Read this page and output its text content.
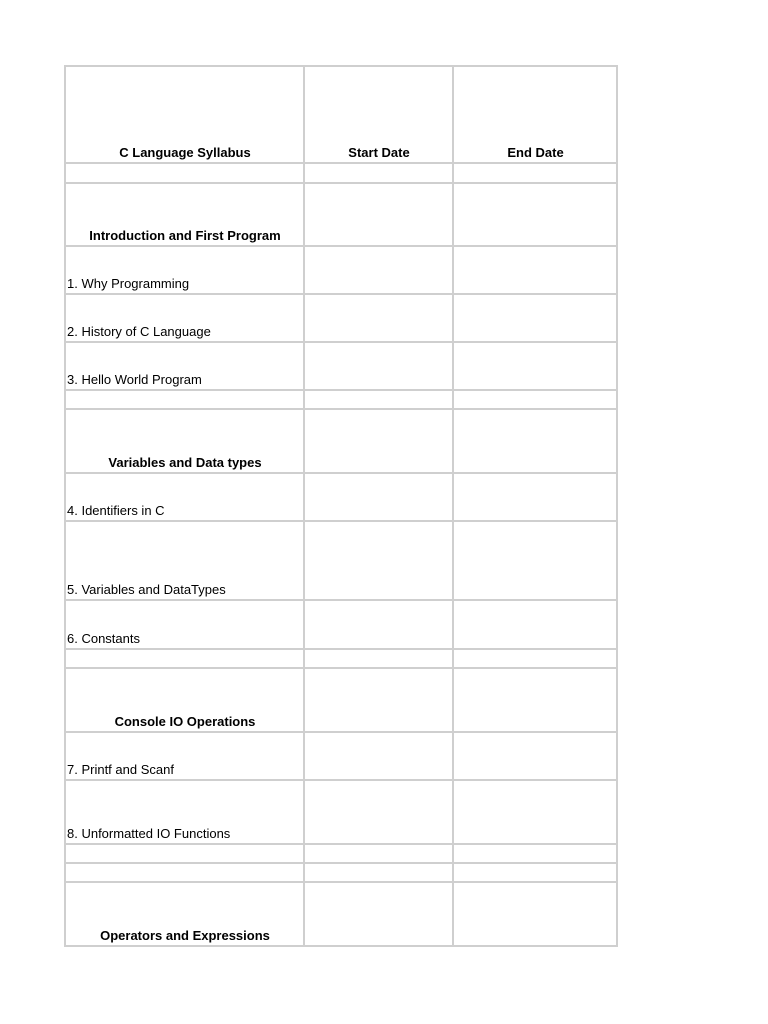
C Language Syllabus	Start Date	End Date

Introduction and First Program		
1. Why Programming		
2. History of C Language		
3. Hello World Program		

Variables and Data types		
4. Identifiers in C		
5. Variables and DataTypes		
6. Constants		

Console IO Operations		
7. Printf and Scanf		
8. Unformatted IO Functions		

Operators and Expressions		
